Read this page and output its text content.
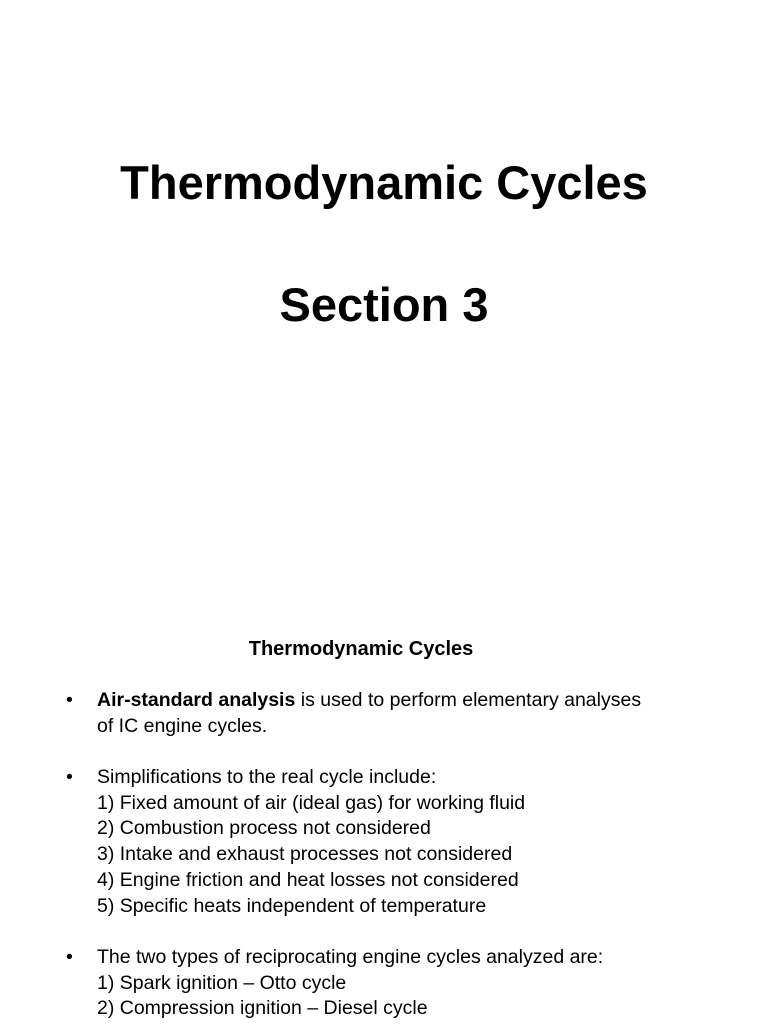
Thermodynamic Cycles
Section 3
Thermodynamic Cycles
•	Air-standard analysis is used to perform elementary analyses
of IC engine cycles.
•	Simplifications to the real cycle include:
1) Fixed amount of air (ideal gas) for working fluid
2) Combustion process not considered
3) Intake and exhaust processes not considered
4) Engine friction and heat losses not considered
5) Specific heats independent of temperature
•	The two types of reciprocating engine cycles analyzed are:
1) Spark ignition – Otto cycle
2) Compression ignition – Diesel cycle
